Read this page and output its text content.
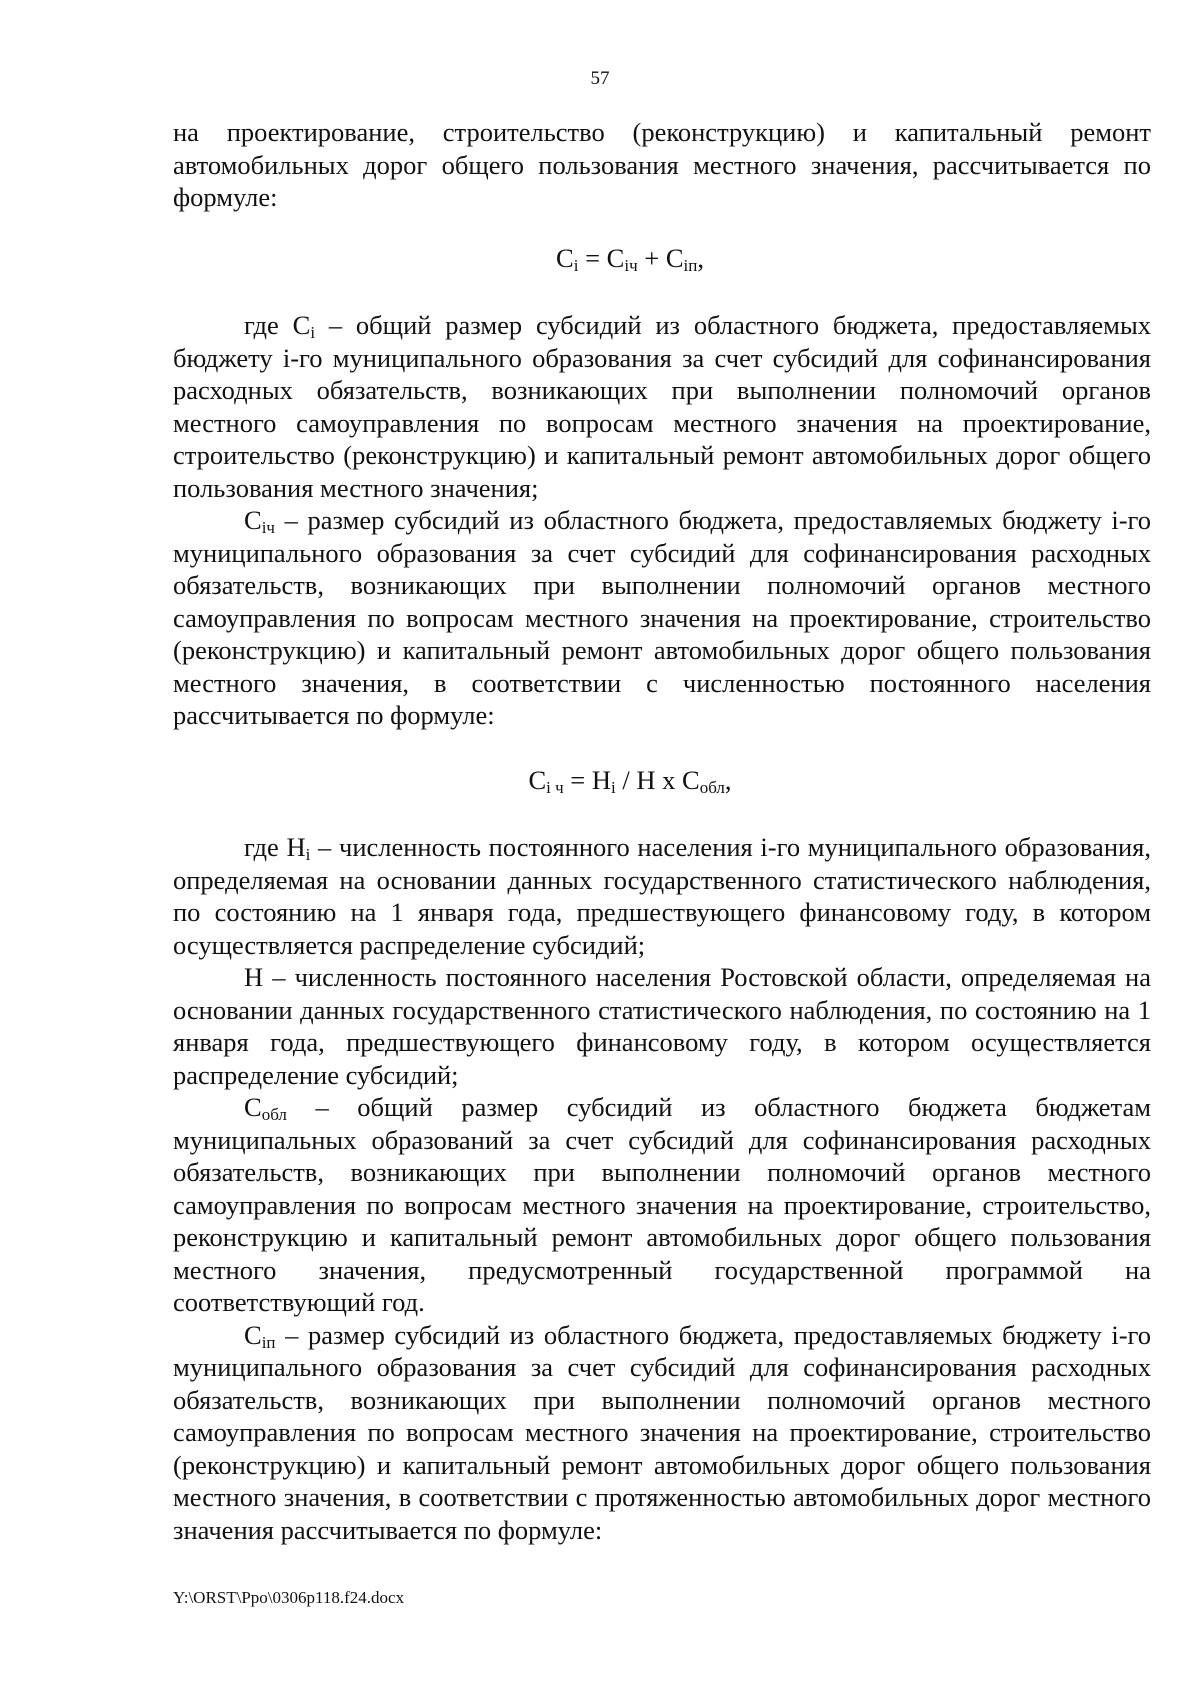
57

на проектирование, строительство (реконструкцию) и капитальный ремонт автомобильных дорог общего пользования местного значения, рассчитывается по формуле:

$C_i = C_{iч} + C_{iп}$,

где $C_i$ – общий размер субсидий из областного бюджета, предоставляемых бюджету i-го муниципального образования за счет субсидий для софинансирования расходных обязательств, возникающих при выполнении полномочий органов местного самоуправления по вопросам местного значения на проектирование, строительство (реконструкцию) и капитальный ремонт автомобильных дорог общего пользования местного значения;

$C_{iч}$ – размер субсидий из областного бюджета, предоставляемых бюджету i-го муниципального образования за счет субсидий для софинансирования расходных обязательств, возникающих при выполнении полномочий органов местного самоуправления по вопросам местного значения на проектирование, строительство (реконструкцию) и капитальный ремонт автомобильных дорог общего пользования местного значения, в соответствии с численностью постоянного населения рассчитывается по формуле:

$C_{i ч} = H_i / H$ x $C_{обл}$,

где $H_i$ – численность постоянного населения i-го муниципального образования, определяемая на основании данных государственного статистического наблюдения, по состоянию на 1 января года, предшествующего финансовому году, в котором осуществляется распределение субсидий;

H – численность постоянного населения Ростовской области, определяемая на основании данных государственного статистического наблюдения, по состоянию на 1 января года, предшествующего финансовому году, в котором осуществляется распределение субсидий;

$C_{обл}$ – общий размер субсидий из областного бюджета бюджетам муниципальных образований за счет субсидий для софинансирования расходных обязательств, возникающих при выполнении полномочий органов местного самоуправления по вопросам местного значения на проектирование, строительство, реконструкцию и капитальный ремонт автомобильных дорог общего пользования местного значения, предусмотренный государственной программой на соответствующий год.

$C_{iп}$ – размер субсидий из областного бюджета, предоставляемых бюджету i-го муниципального образования за счет субсидий для софинансирования расходных обязательств, возникающих при выполнении полномочий органов местного самоуправления по вопросам местного значения на проектирование, строительство (реконструкцию) и капитальный ремонт автомобильных дорог общего пользования местного значения, в соответствии с протяженностью автомобильных дорог местного значения рассчитывается по формуле:

Y:\ORST\Ppo\0306p118.f24.docx
